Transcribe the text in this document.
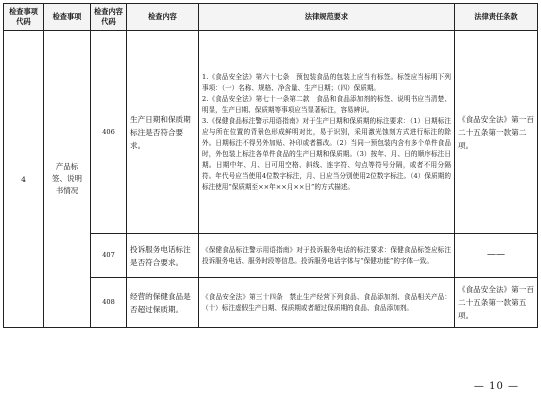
检查事项代码	检查事项	检查内容代码	检查内容	法律规范要求	法律责任条款
4	产品标签、说明书情况	406	生产日期和保质期标注是否符合要求。	1.《食品安全法》第六十七条　预包装食品的包装上应当有标签。标签应当标明下列事项：（一）名称、规格、净含量、生产日期；（四）保质期。
2.《食品安全法》第七十一条第二款　食品和食品添加剂的标签、说明书应当清楚、明显，生产日期、保质期等事项应当显著标注，容易辨识。
3.《保健食品标注警示用语指南》对于生产日期和保质期的标注要求：（1）日期标注应与所在位置的背景色形成鲜明对比，易于识别，采用激光蚀刻方式进行标注的除外。日期标注不得另外加贴、补印或者篡改。（2）当同一预包装内含有多个单件食品时，外包装上标注各单件食品的生产日期和保质期。（3）按年、月、日的顺序标注日期。日期中年、月、日可用空格、斜线、连字符、句点等符号分隔，或者不用分隔符。年代号应当使用4位数字标注，月、日应当分别使用2位数字标注。（4）保质期的标注使用“保质期至××年××月××日”的方式描述。	《食品安全法》第一百二十五条第一款第二项。
		407	投诉服务电话标注是否符合要求。	《保健食品标注警示用语指南》对于投诉服务电话的标注要求：保健食品标签应标注投诉服务电话、服务时段等信息。投诉服务电话字体与“保健功能”的字体一致。	——
		408	经营的保健食品是否超过保质期。	《食品安全法》第三十四条　禁止生产经营下列食品、食品添加剂、食品相关产品：（十）标注虚假生产日期、保质期或者超过保质期的食品、食品添加剂。	《食品安全法》第一百二十五条第一款第五项。
— 10 —
